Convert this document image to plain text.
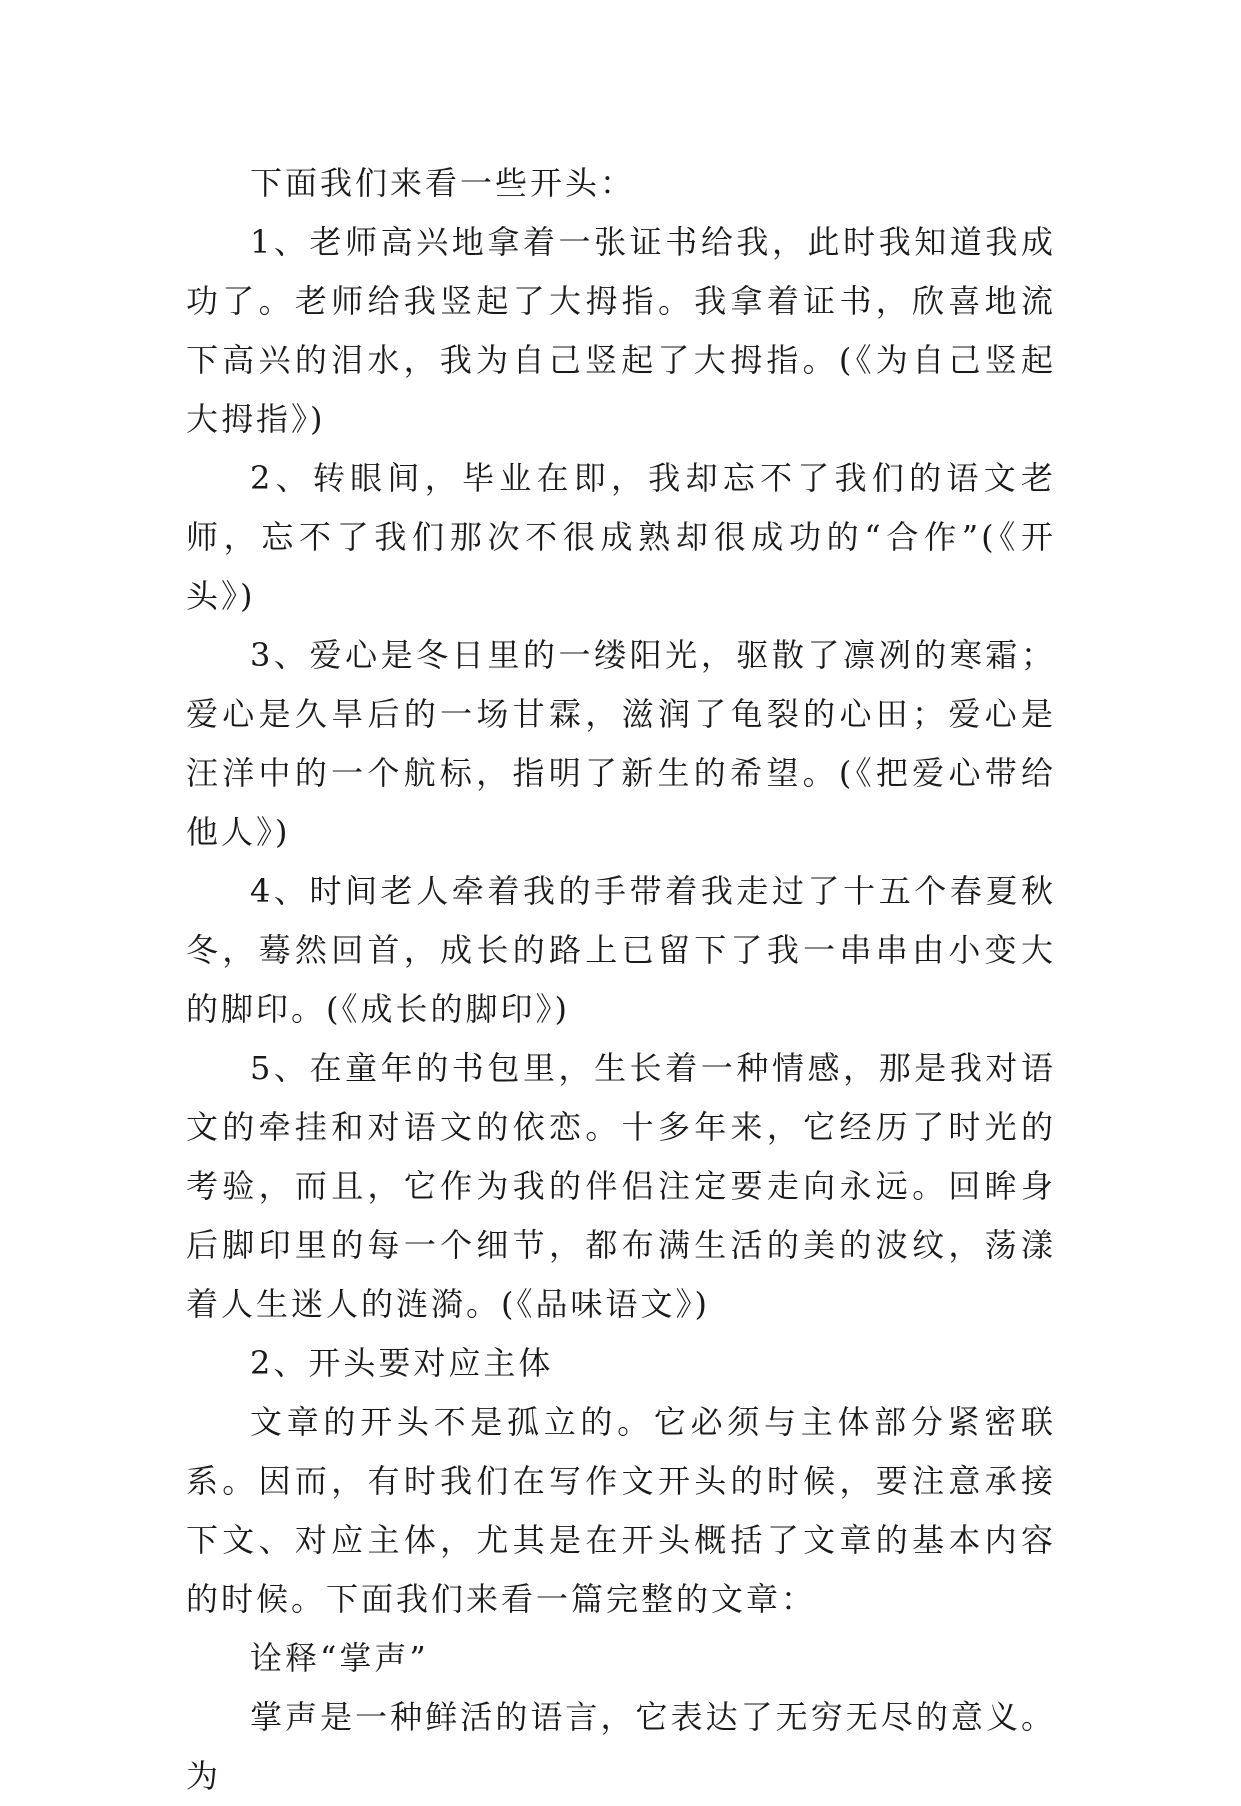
下面我们来看一些开头：

1、老师高兴地拿着一张证书给我，此时我知道我成功了。老师给我竖起了大拇指。我拿着证书，欣喜地流下高兴的泪水，我为自己竖起了大拇指。(《为自己竖起大拇指》)

2、转眼间，毕业在即，我却忘不了我们的语文老师，忘不了我们那次不很成熟却很成功的“合作”(《开头》)

3、爱心是冬日里的一缕阳光，驱散了凛冽的寒霜；爱心是久旱后的一场甘霖，滋润了龟裂的心田；爱心是汪洋中的一个航标，指明了新生的希望。(《把爱心带给他人》)

4、时间老人牵着我的手带着我走过了十五个春夏秋冬，蓦然回首，成长的路上已留下了我一串串由小变大的脚印。(《成长的脚印》)

5、在童年的书包里，生长着一种情感，那是我对语文的牵挂和对语文的依恋。十多年来，它经历了时光的考验，而且，它作为我的伴侣注定要走向永远。回眸身后脚印里的每一个细节，都布满生活的美的波纹，荡漾着人生迷人的涟漪。(《品味语文》)

2、开头要对应主体

文章的开头不是孤立的。它必须与主体部分紧密联系。因而，有时我们在写作文开头的时候，要注意承接下文、对应主体，尤其是在开头概括了文章的基本内容的时候。下面我们来看一篇完整的文章：

诠释“掌声”

掌声是一种鲜活的语言，它表达了无穷无尽的意义。为
